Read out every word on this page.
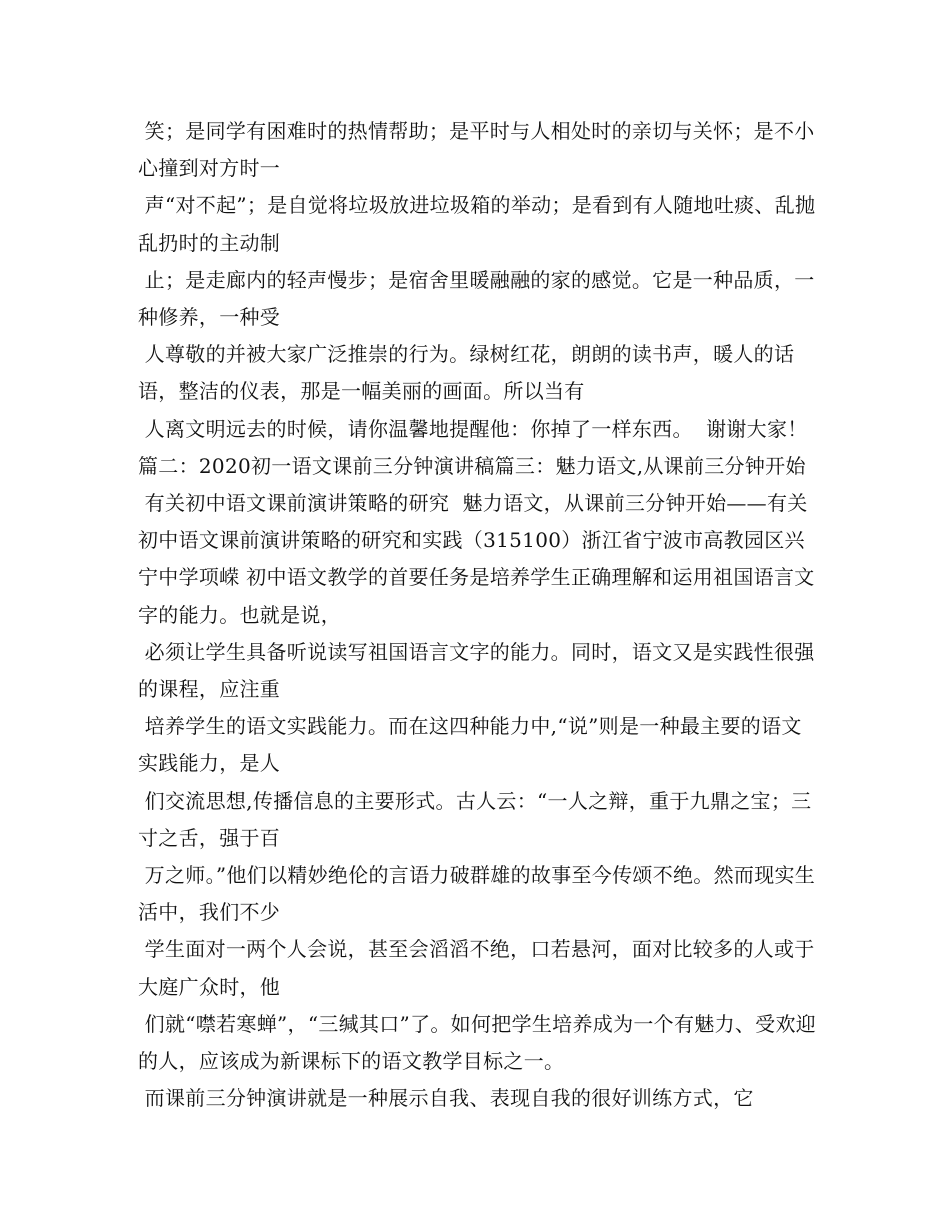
笑；是同学有困难时的热情帮助；是平时与人相处时的亲切与关怀；是不小心撞到对方时一

声“对不起”；是自觉将垃圾放进垃圾箱的举动；是看到有人随地吐痰、乱抛乱扔时的主动制

止；是走廊内的轻声慢步；是宿舍里暖融融的家的感觉。它是一种品质，一种修养，一种受

人尊敬的并被大家广泛推崇的行为。绿树红花，朗朗的读书声，暖人的话语，整洁的仪表，那是一幅美丽的画面。所以当有

人离文明远去的时候，请你温馨地提醒他：你掉了一样东西。  谢谢大家！篇二：2020初一语文课前三分钟演讲稿篇三：魅力语文,从课前三分钟开始

有关初中语文课前演讲策略的研究  魅力语文，从课前三分钟开始——有关初中语文课前演讲策略的研究和实践（315100）浙江省宁波市高教园区兴宁中学项嵘 初中语文教学的首要任务是培养学生正确理解和运用祖国语言文字的能力。也就是说，

必须让学生具备听说读写祖国语言文字的能力。同时，语文又是实践性很强的课程，应注重

培养学生的语文实践能力。而在这四种能力中,“说”则是一种最主要的语文实践能力，是人

们交流思想,传播信息的主要形式。古人云：“一人之辩，重于九鼎之宝；三寸之舌，强于百

万之师。”他们以精妙绝伦的言语力破群雄的故事至今传颂不绝。然而现实生活中，我们不少

学生面对一两个人会说，甚至会滔滔不绝，口若悬河，面对比较多的人或于大庭广众时，他

们就“噤若寒蝉”，“三缄其口”了。如何把学生培养成为一个有魅力、受欢迎的人，应该成为新课标下的语文教学目标之一。

而课前三分钟演讲就是一种展示自我、表现自我的很好训练方式，它
